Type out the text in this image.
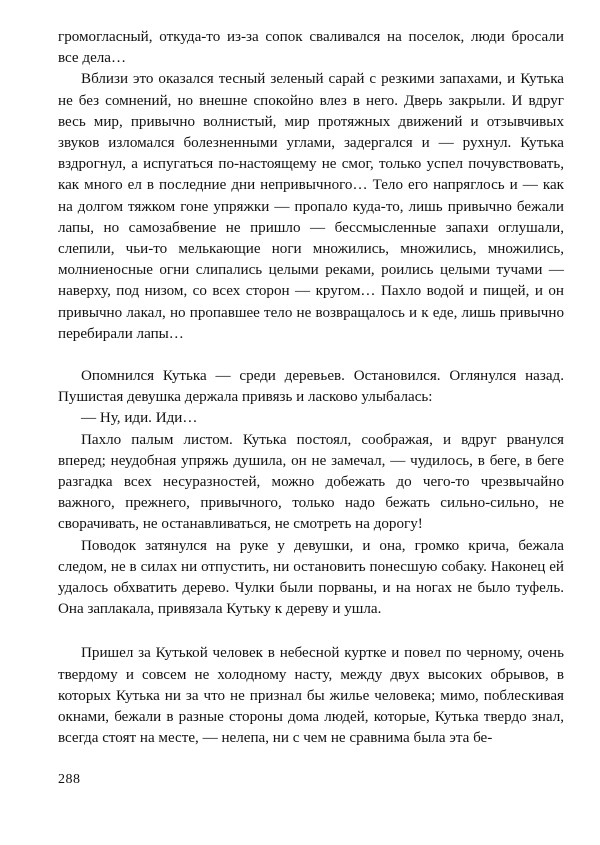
громогласный, откуда-то из-за сопок сваливался на поселок, люди бросали все дела…

Вблизи это оказался тесный зеленый сарай с резкими запахами, и Кутька не без сомнений, но внешне спокойно влез в него. Дверь закрыли. И вдруг весь мир, привычно волнистый, мир протяжных движений и отзывчивых звуков изломался болезненными углами, задергался и — рухнул. Кутька вздрогнул, а испугаться по-настоящему не смог, только успел почувствовать, как много ел в последние дни непривычного… Тело его напряглось и — как на долгом тяжком гоне упряжки — пропало куда-то, лишь привычно бежали лапы, но самозабвение не пришло — бессмысленные запахи оглушали, слепили, чьи-то мелькающие ноги множились, множились, множились, молниеносные огни слипались целыми реками, роились целыми тучами — наверху, под низом, со всех сторон — кругом… Пахло водой и пищей, и он привычно лакал, но пропавшее тело не возвращалось и к еде, лишь привычно перебирали лапы…

Опомнился Кутька — среди деревьев. Остановился. Оглянулся назад. Пушистая девушка держала привязь и ласково улыбалась:

— Ну, иди. Иди…

Пахло палым листом. Кутька постоял, соображая, и вдруг рванулся вперед; неудобная упряжь душила, он не замечал, — чудилось, в беге, в беге разгадка всех несуразностей, можно добежать до чего-то чрезвычайно важного, прежнего, привычного, только надо бежать сильно-сильно, не сворачивать, не останавливаться, не смотреть на дорогу!

Поводок затянулся на руке у девушки, и она, громко крича, бежала следом, не в силах ни отпустить, ни остановить понесшую собаку. Наконец ей удалось обхватить дерево. Чулки были порваны, и на ногах не было туфель. Она заплакала, привязала Кутьку к дереву и ушла.

Пришел за Кутькой человек в небесной куртке и повел по черному, очень твердому и совсем не холодному насту, между двух высоких обрывов, в которых Кутька ни за что не признал бы жилье человека; мимо, поблескивая окнами, бежали в разные стороны дома людей, которые, Кутька твердо знал, всегда стоят на месте, — нелепа, ни с чем не сравнима была эта бе-

288
